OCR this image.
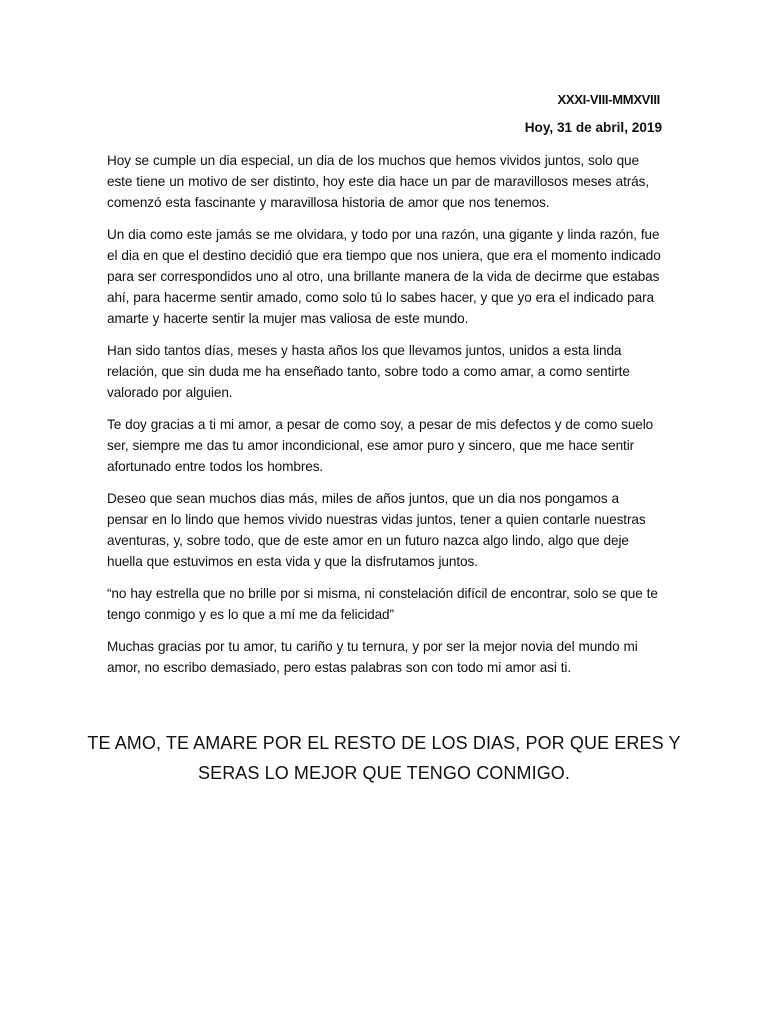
XXXI-VIII-MMXVIII
Hoy, 31 de abril, 2019

Hoy se cumple un dia especial, un dia de los muchos que hemos vividos juntos, solo que este tiene un motivo de ser distinto, hoy este dia hace un par de maravillosos meses atrás, comenzó esta fascinante y maravillosa historia de amor que nos tenemos.

Un dia como este jamás se me olvidara, y todo por una razón, una gigante y linda razón, fue el dia en que el destino decidió que era tiempo que nos uniera, que era el momento indicado para ser correspondidos uno al otro, una brillante manera de la vida de decirme que estabas ahí, para hacerme sentir amado, como solo tú lo sabes hacer, y que yo era el indicado para amarte y hacerte sentir la mujer mas valiosa de este mundo.

Han sido tantos días, meses y hasta años los que llevamos juntos, unidos a esta linda relación, que sin duda me ha enseñado tanto, sobre todo a como amar, a como sentirte valorado por alguien.

Te doy gracias a ti mi amor, a pesar de como soy, a pesar de mis defectos y de como suelo ser, siempre me das tu amor incondicional, ese amor puro y sincero, que me hace sentir afortunado entre todos los hombres.

Deseo que sean muchos dias más, miles de años juntos, que un dia nos pongamos a pensar en lo lindo que hemos vivido nuestras vidas juntos, tener a quien contarle nuestras aventuras, y, sobre todo, que de este amor en un futuro nazca algo lindo, algo que deje huella que estuvimos en esta vida y que la disfrutamos juntos.

“no hay estrella que no brille por si misma, ni constelación difícil de encontrar, solo se que te tengo conmigo y es lo que a mí me da felicidad”

Muchas gracias por tu amor, tu cariño y tu ternura, y por ser la mejor novia del mundo mi amor, no escribo demasiado, pero estas palabras son con todo mi amor asi ti.

TE AMO, TE AMARE POR EL RESTO DE LOS DIAS, POR QUE ERES Y SERAS LO MEJOR QUE TENGO CONMIGO.
